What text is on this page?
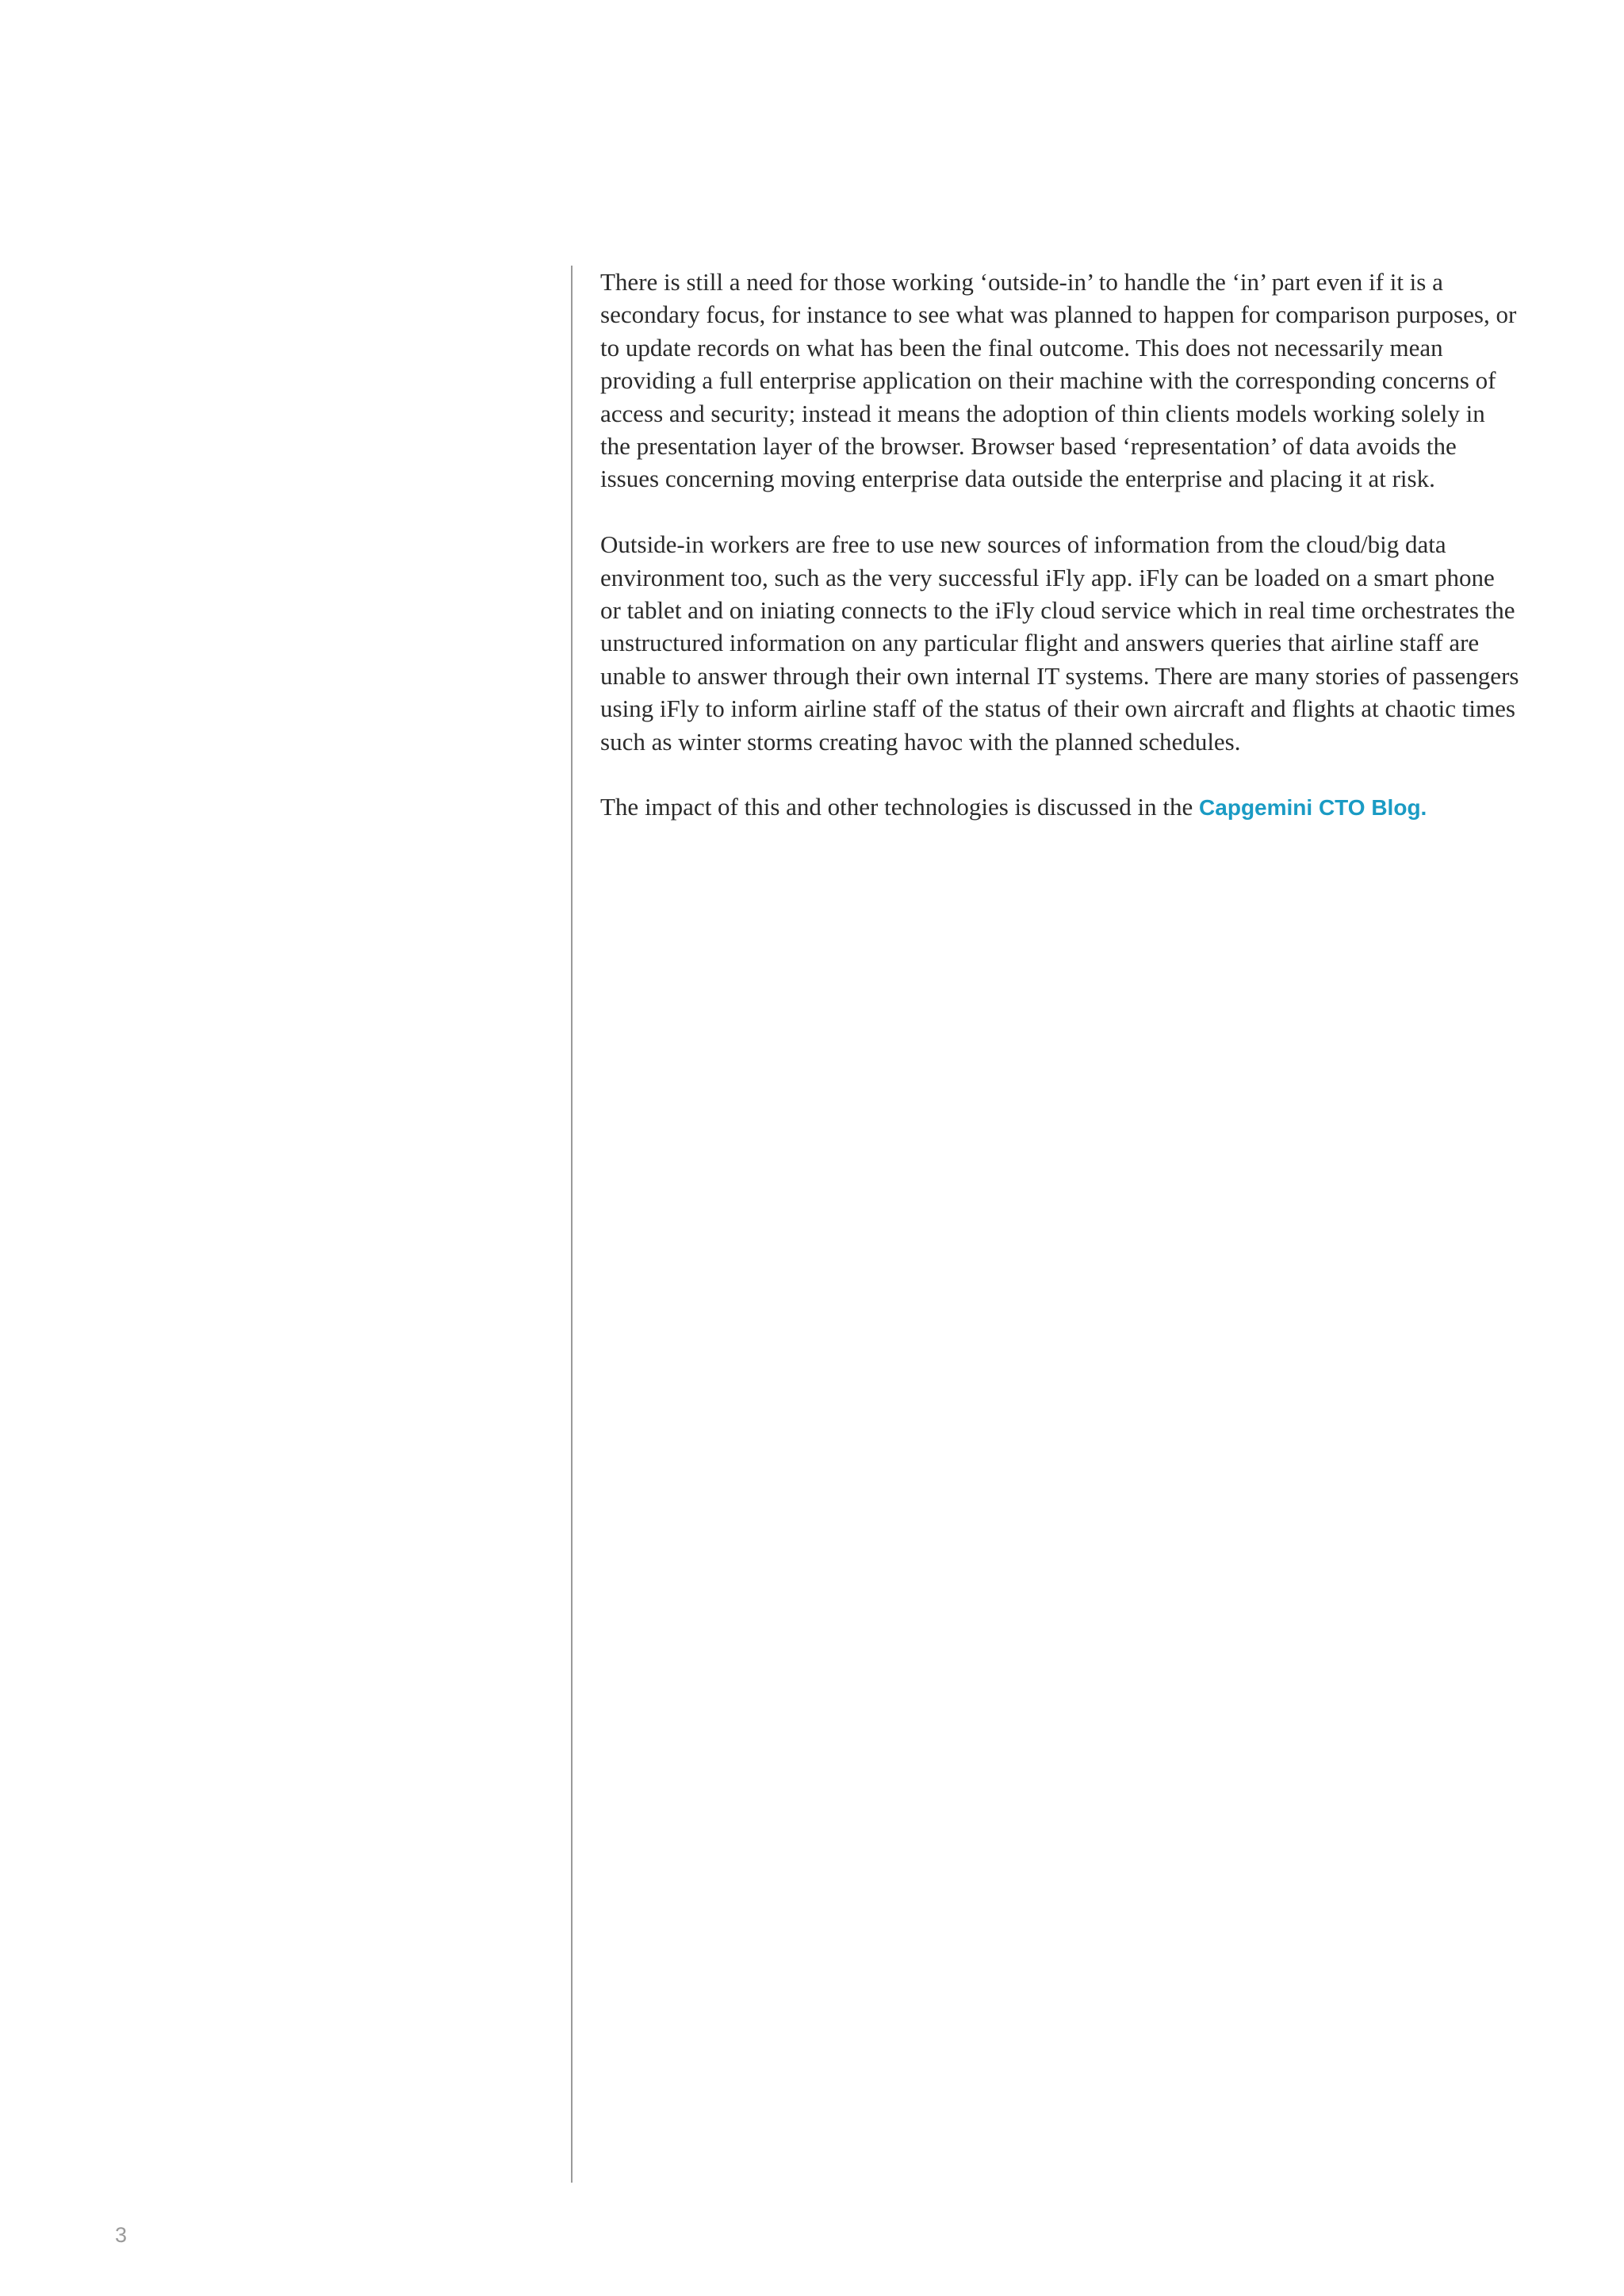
There is still a need for those working ‘outside-in’ to handle the ‘in’ part even if it is a secondary focus, for instance to see what was planned to happen for comparison purposes, or to update records on what has been the final outcome. This does not necessarily mean providing a full enterprise application on their machine with the corresponding concerns of access and security; instead it means the adoption of thin clients models working solely in the presentation layer of the browser. Browser based ‘representation’ of data avoids the issues concerning moving enterprise data outside the enterprise and placing it at risk.

Outside-in workers are free to use new sources of information from the cloud/big data environment too, such as the very successful iFly app. iFly can be loaded on a smart phone or tablet and on iniating connects to the iFly cloud service which in real time orchestrates the unstructured information on any particular flight and answers queries that airline staff are unable to answer through their own internal IT systems. There are many stories of passengers using iFly to inform airline staff of the status of their own aircraft and flights at chaotic times such as winter storms creating havoc with the planned schedules.

The impact of this and other technologies is discussed in the Capgemini CTO Blog.

3
